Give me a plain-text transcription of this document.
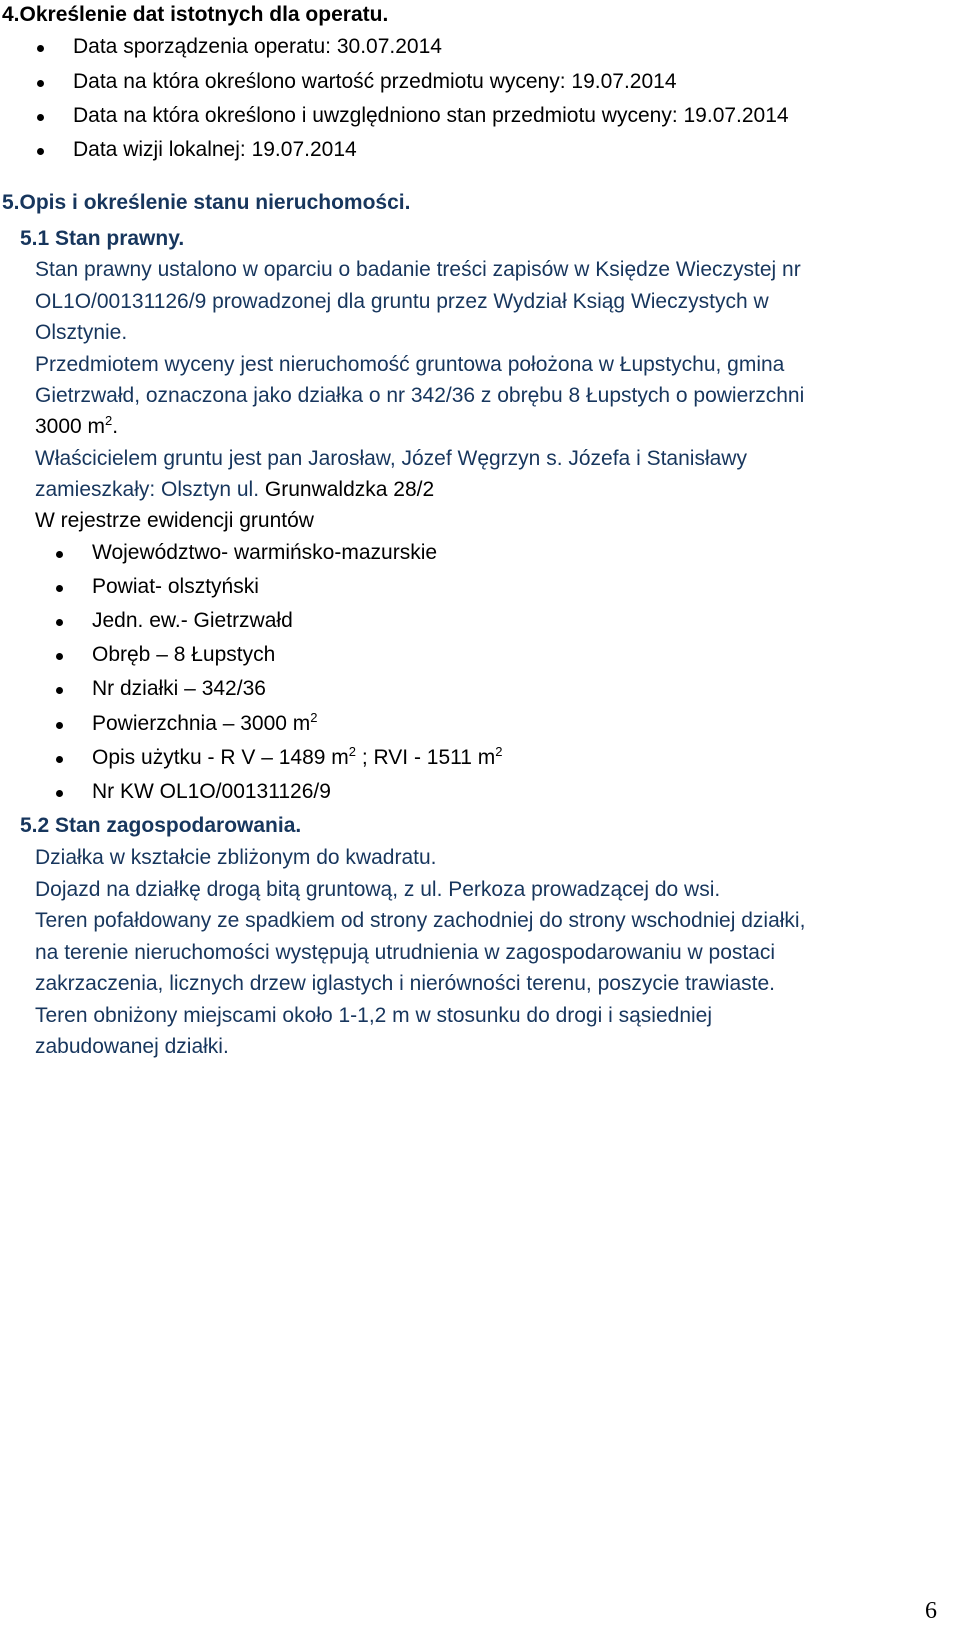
4.Określenie dat istotnych dla operatu.
Data sporządzenia operatu: 30.07.2014
Data na która określono wartość przedmiotu wyceny: 19.07.2014
Data na która określono i uwzględniono stan przedmiotu wyceny: 19.07.2014
Data wizji lokalnej: 19.07.2014
5.Opis i określenie stanu nieruchomości.
5.1 Stan prawny.
Stan prawny ustalono w oparciu o badanie treści zapisów w Księdze Wieczystej nr
OL1O/00131126/9 prowadzonej dla gruntu przez Wydział Ksiąg Wieczystych w
Olsztynie.
Przedmiotem wyceny jest nieruchomość gruntowa położona w Łupstychu, gmina
Gietrzwałd, oznaczona jako działka o nr 342/36 z obrębu 8 Łupstych o powierzchni
3000 $m^2$.
Właścicielem gruntu jest pan Jarosław, Józef Węgrzyn s. Józefa i Stanisławy
zamieszkały: Olsztyn ul. Grunwaldzka 28/2
W rejestrze ewidencji gruntów
Województwo- warmińsko-mazurskie
Powiat- olsztyński
Jedn. ew.- Gietrzwałd
Obręb – 8 Łupstych
Nr działki – 342/36
Powierzchnia – 3000 $m^2$
Opis użytku - R V – 1489 $m^2$ ; RVI - 1511 $m^2$
Nr KW OL1O/00131126/9
5.2 Stan zagospodarowania.
Działka w kształcie zbliżonym do kwadratu.
Dojazd na działkę drogą bitą gruntową, z ul. Perkoza prowadzącej do wsi.
Teren pofałdowany ze spadkiem od strony zachodniej do strony wschodniej działki,
na terenie nieruchomości występują utrudnienia w zagospodarowaniu w postaci
zakrzaczenia, licznych drzew iglastych i nierówności terenu, poszycie trawiaste.
Teren obniżony miejscami około 1-1,2 m w stosunku do drogi i sąsiedniej
zabudowanej działki.
6
